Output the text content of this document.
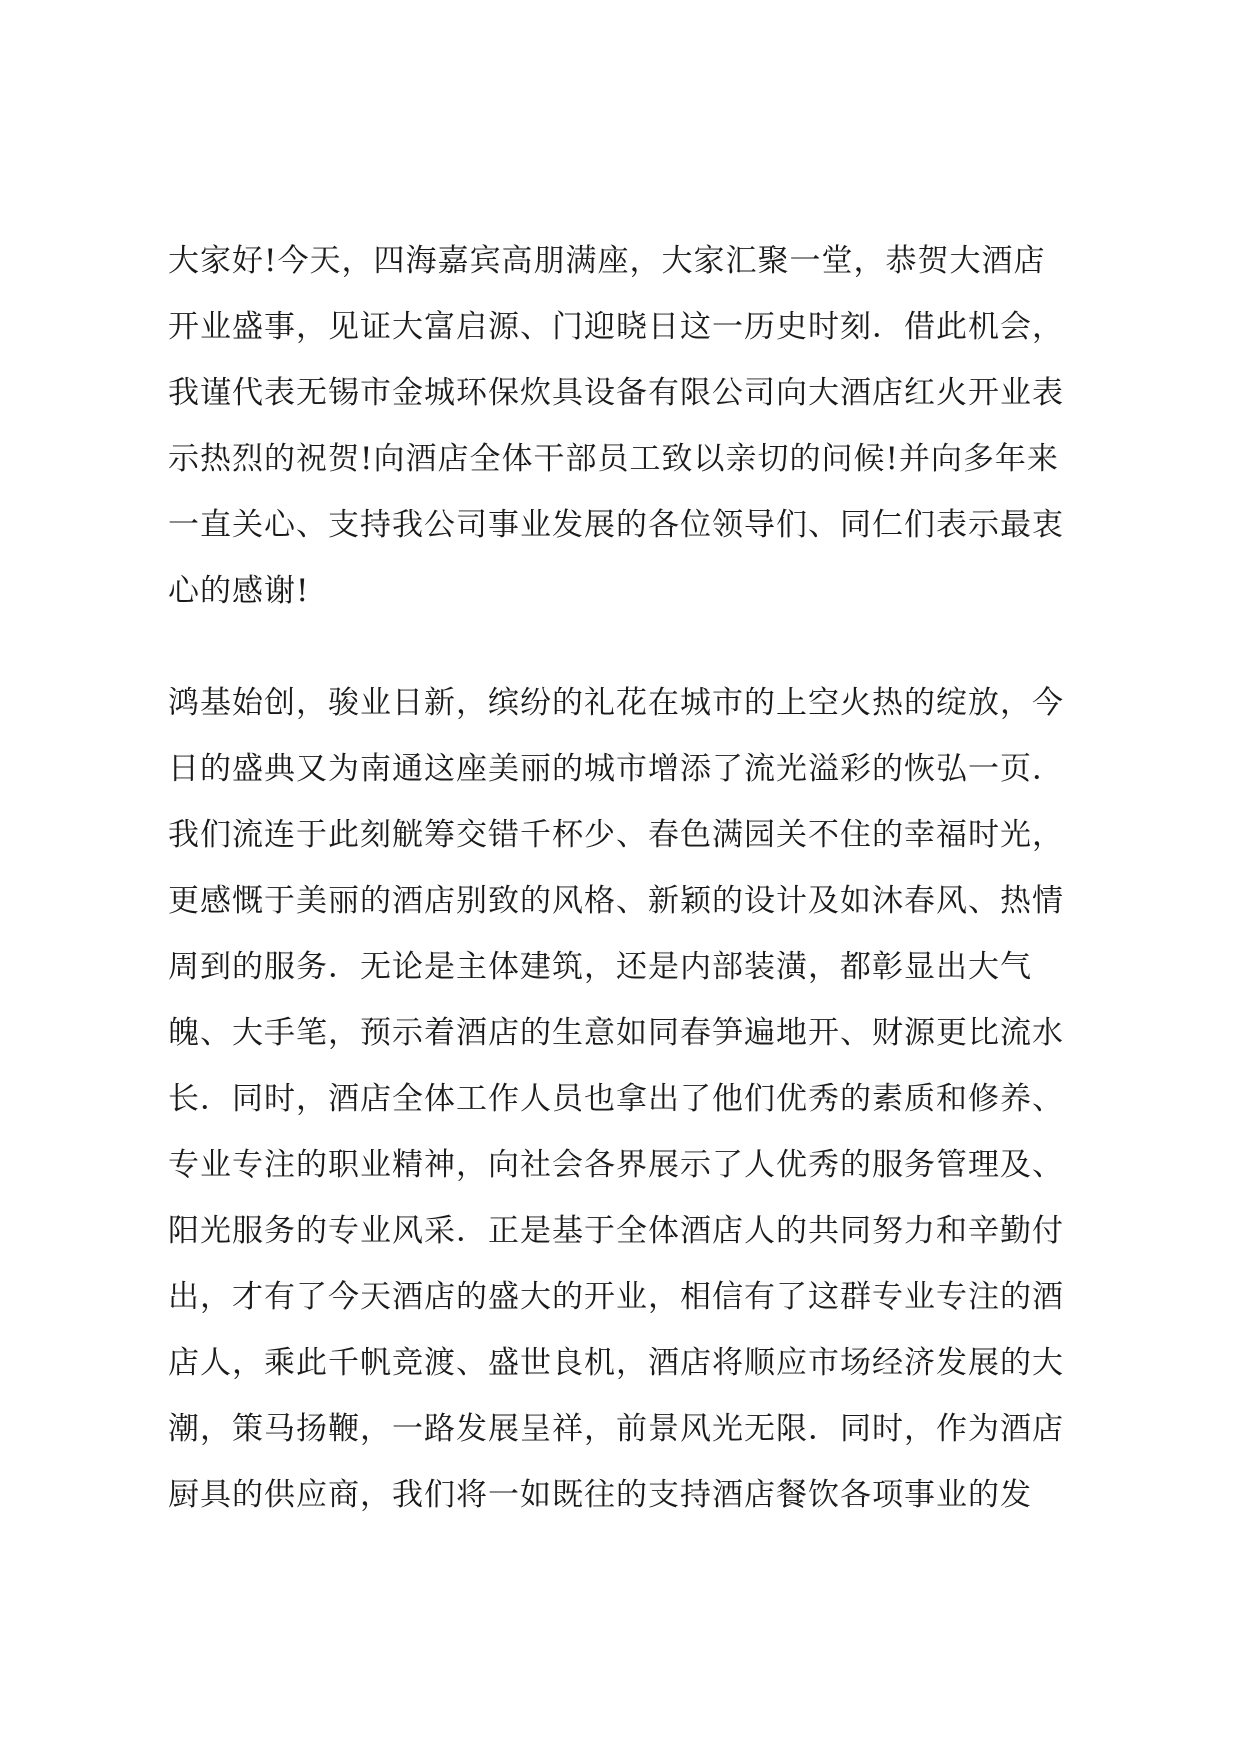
大家好!今天，四海嘉宾高朋满座，大家汇聚一堂，恭贺大酒店
开业盛事，见证大富启源、门迎晓日这一历史时刻．借此机会，
我谨代表无锡市金城环保炊具设备有限公司向大酒店红火开业表
示热烈的祝贺!向酒店全体干部员工致以亲切的问候!并向多年来
一直关心、支持我公司事业发展的各位领导们、同仁们表示最衷
心的感谢!
鸿基始创，骏业日新，缤纷的礼花在城市的上空火热的绽放，今
日的盛典又为南通这座美丽的城市增添了流光溢彩的恢弘一页．
我们流连于此刻觥筹交错千杯少、春色满园关不住的幸福时光，
更感慨于美丽的酒店别致的风格、新颖的设计及如沐春风、热情
周到的服务．无论是主体建筑，还是内部装潢，都彰显出大气
魄、大手笔，预示着酒店的生意如同春笋遍地开、财源更比流水
长．同时，酒店全体工作人员也拿出了他们优秀的素质和修养、
专业专注的职业精神，向社会各界展示了人优秀的服务管理及、
阳光服务的专业风采．正是基于全体酒店人的共同努力和辛勤付
出，才有了今天酒店的盛大的开业，相信有了这群专业专注的酒
店人，乘此千帆竞渡、盛世良机，酒店将顺应市场经济发展的大
潮，策马扬鞭，一路发展呈祥，前景风光无限．同时，作为酒店
厨具的供应商，我们将一如既往的支持酒店餐饮各项事业的发
